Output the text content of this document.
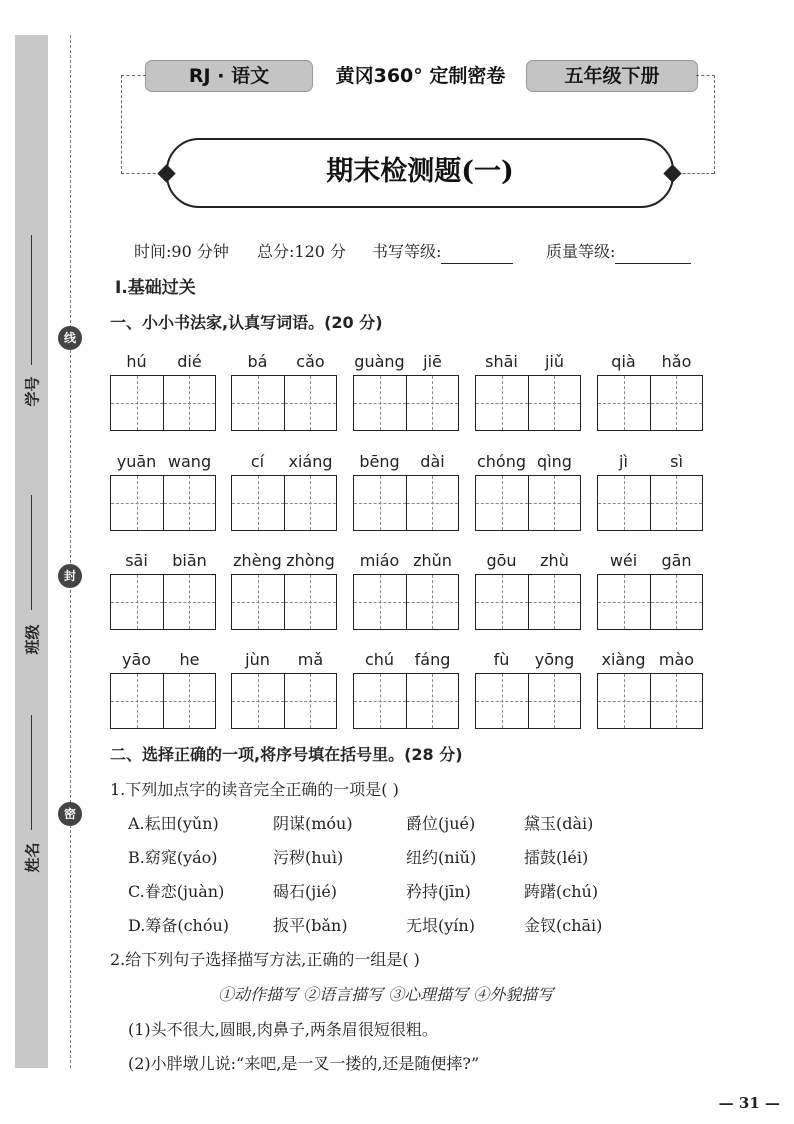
学号
班级
姓名
线
封
密
RJ · 语文	黄冈360° 定制密卷	五年级下册
期末检测题(一)
时间:90 分钟 总分:120 分 书写等级:	质量等级:
Ⅰ.基础过关
一、小小书法家,认真写词语。(20 分)
hú	dié	bá	cǎo	guàng	jiē	shāi	jiǔ	qià	hǎo
yuān wang	cí	xiáng	bēng	dài	chóng qìng	jì	sì
sāi	biān	zhèng zhòng	miáo zhǔn	gōu	zhù	wéi	gān
yāo	he	jùn	mǎ	chú	fáng	fù	yōng	xiàng mào
二、选择正确的一项,将序号填在括号里。(28 分)
1.下列加点字的读音完全正确的一项是( )
A.耘田(yǔn)	阴谋(móu)	爵位(jué)	黛玉(dài)
B.窈窕(yáo)	污秽(huì)	纽约(niǔ)	擂鼓(léi)
C.眷恋(juàn)	碣石(jié)	矜持(jīn)	踌躇(chú)
D.筹备(chóu)	扳平(bǎn)	无垠(yín)	金钗(chāi)
2.给下列句子选择描写方法,正确的一组是( )
①动作描写 ②语言描写 ③心理描写 ④外貌描写
(1)头不很大,圆眼,肉鼻子,两条眉很短很粗。
(2)小胖墩儿说:“来吧,是一叉一搂的,还是随便摔?”
— 31 —
